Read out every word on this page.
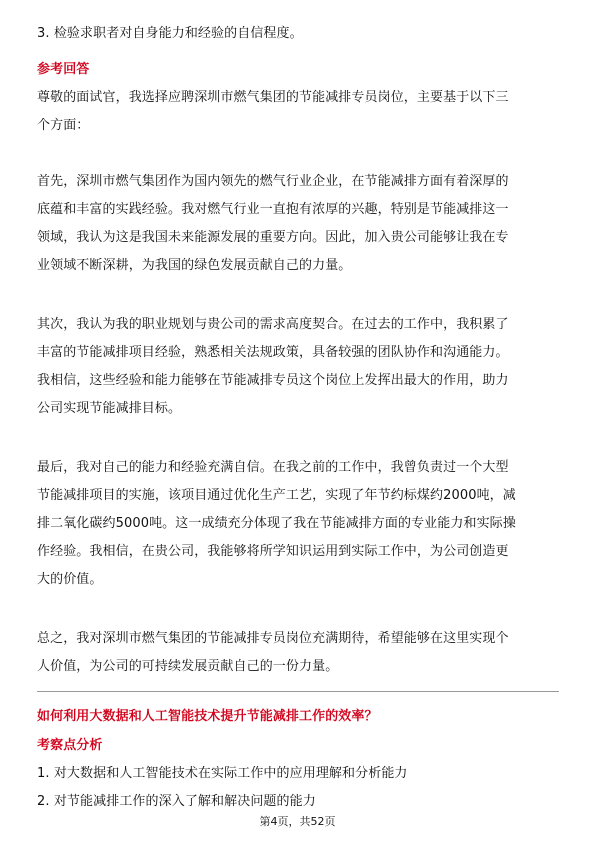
3. 检验求职者对自身能力和经验的自信程度。
参考回答
尊敬的面试官，我选择应聘深圳市燃气集团的节能减排专员岗位，主要基于以下三
个方面：
首先，深圳市燃气集团作为国内领先的燃气行业企业，在节能减排方面有着深厚的
底蕴和丰富的实践经验。我对燃气行业一直抱有浓厚的兴趣，特别是节能减排这一
领域，我认为这是我国未来能源发展的重要方向。因此，加入贵公司能够让我在专
业领域不断深耕，为我国的绿色发展贡献自己的力量。
其次，我认为我的职业规划与贵公司的需求高度契合。在过去的工作中，我积累了
丰富的节能减排项目经验，熟悉相关法规政策，具备较强的团队协作和沟通能力。
我相信，这些经验和能力能够在节能减排专员这个岗位上发挥出最大的作用，助力
公司实现节能减排目标。
最后，我对自己的能力和经验充满自信。在我之前的工作中，我曾负责过一个大型
节能减排项目的实施，该项目通过优化生产工艺，实现了年节约标煤约2000吨，减
排二氧化碳约5000吨。这一成绩充分体现了我在节能减排方面的专业能力和实际操
作经验。我相信，在贵公司，我能够将所学知识运用到实际工作中，为公司创造更
大的价值。
总之，我对深圳市燃气集团的节能减排专员岗位充满期待，希望能够在这里实现个
人价值，为公司的可持续发展贡献自己的一份力量。
如何利用大数据和人工智能技术提升节能减排工作的效率？
考察点分析
1. 对大数据和人工智能技术在实际工作中的应用理解和分析能力
2. 对节能减排工作的深入了解和解决问题的能力
第4页，共52页
